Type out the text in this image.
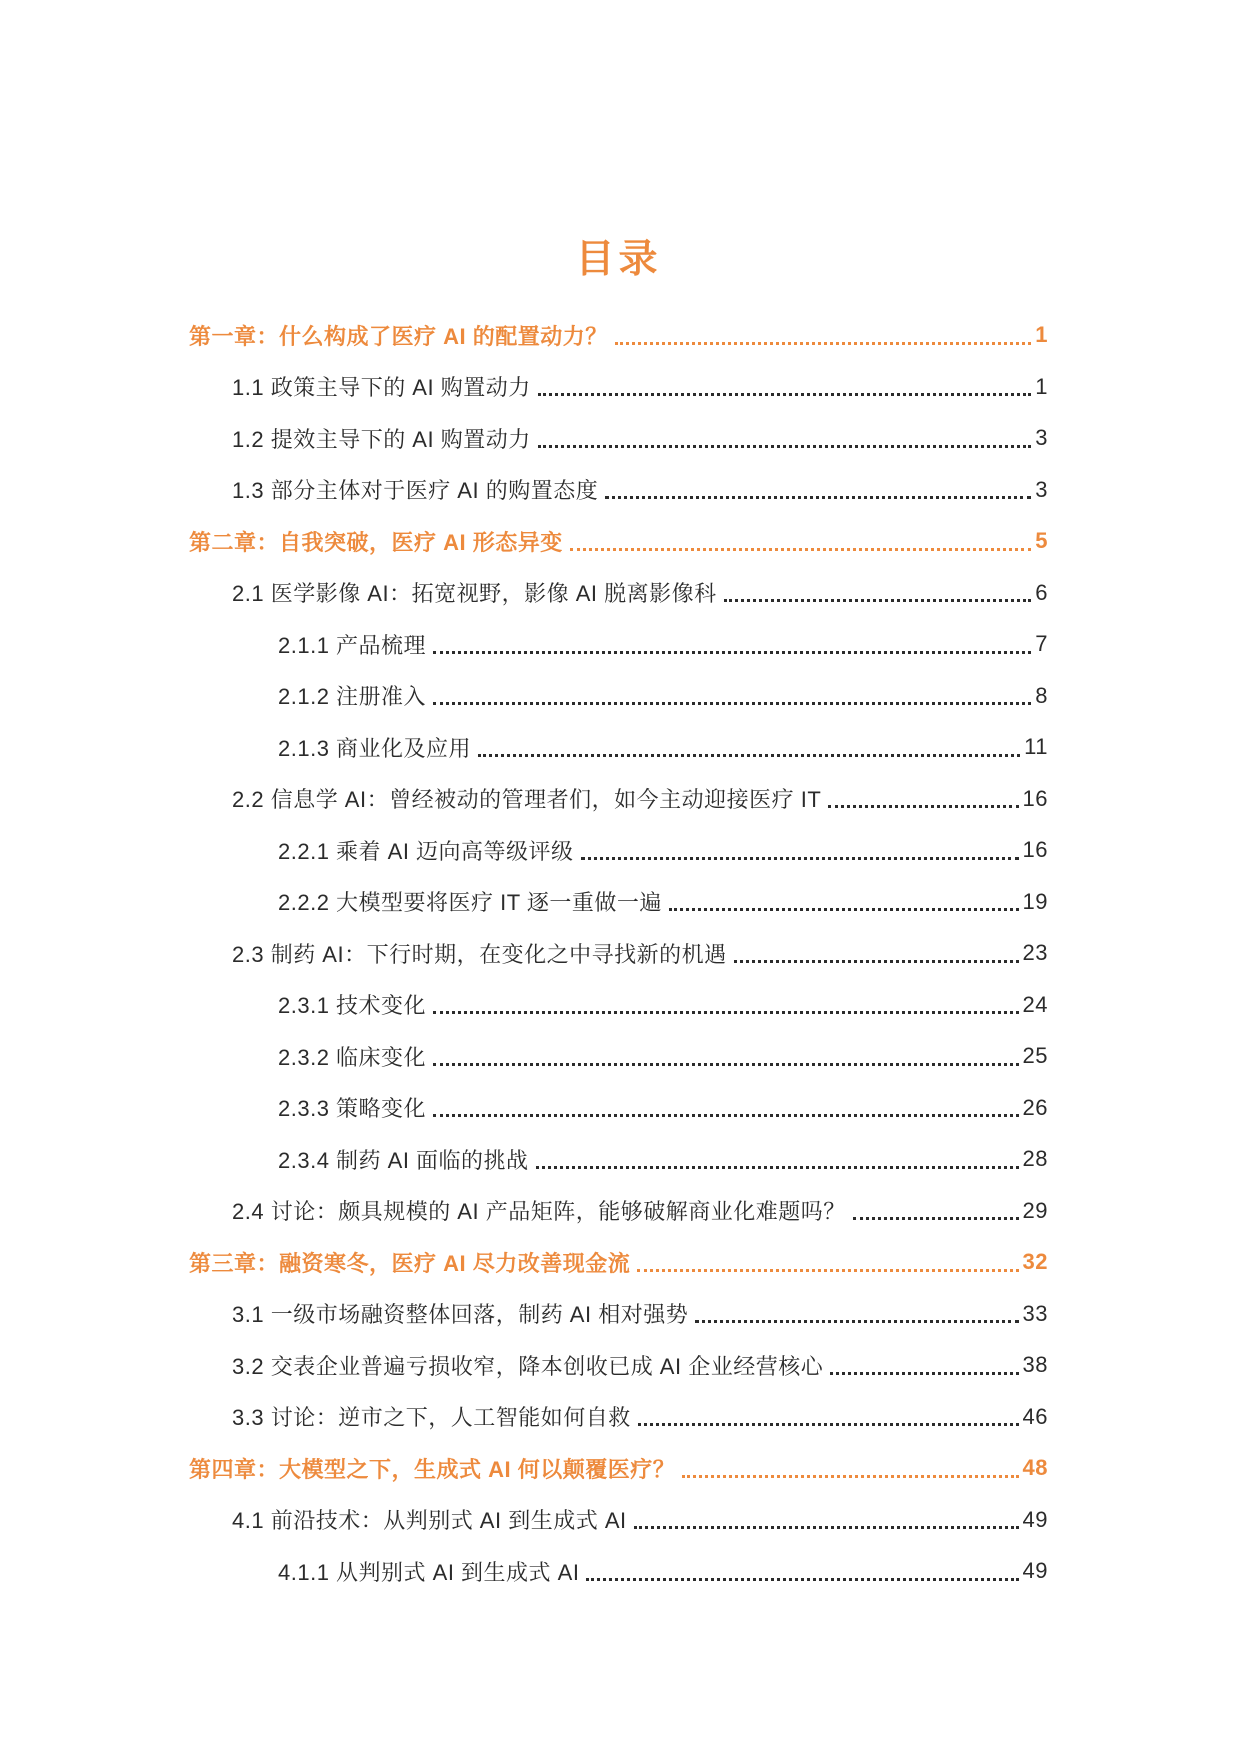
目录
第一章：什么构成了医疗 AI 的配置动力？	1
1.1 政策主导下的 AI 购置动力	1
1.2 提效主导下的 AI 购置动力	3
1.3 部分主体对于医疗 AI 的购置态度	3
第二章：自我突破，医疗 AI 形态异变	5
2.1 医学影像 AI：拓宽视野，影像 AI 脱离影像科	6
2.1.1 产品梳理	7
2.1.2 注册准入	8
2.1.3 商业化及应用	11
2.2 信息学 AI：曾经被动的管理者们，如今主动迎接医疗 IT	16
2.2.1 乘着 AI 迈向高等级评级	16
2.2.2 大模型要将医疗 IT 逐一重做一遍	19
2.3 制药 AI：下行时期，在变化之中寻找新的机遇	23
2.3.1 技术变化	24
2.3.2 临床变化	25
2.3.3 策略变化	26
2.3.4 制药 AI 面临的挑战	28
2.4 讨论：颇具规模的 AI 产品矩阵，能够破解商业化难题吗？	29
第三章：融资寒冬，医疗 AI 尽力改善现金流	32
3.1 一级市场融资整体回落，制药 AI 相对强势	33
3.2 交表企业普遍亏损收窄，降本创收已成 AI 企业经营核心	38
3.3 讨论：逆市之下，人工智能如何自救	46
第四章：大模型之下，生成式 AI 何以颠覆医疗？	48
4.1 前沿技术：从判别式 AI 到生成式 AI	49
4.1.1 从判别式 AI 到生成式 AI	49
